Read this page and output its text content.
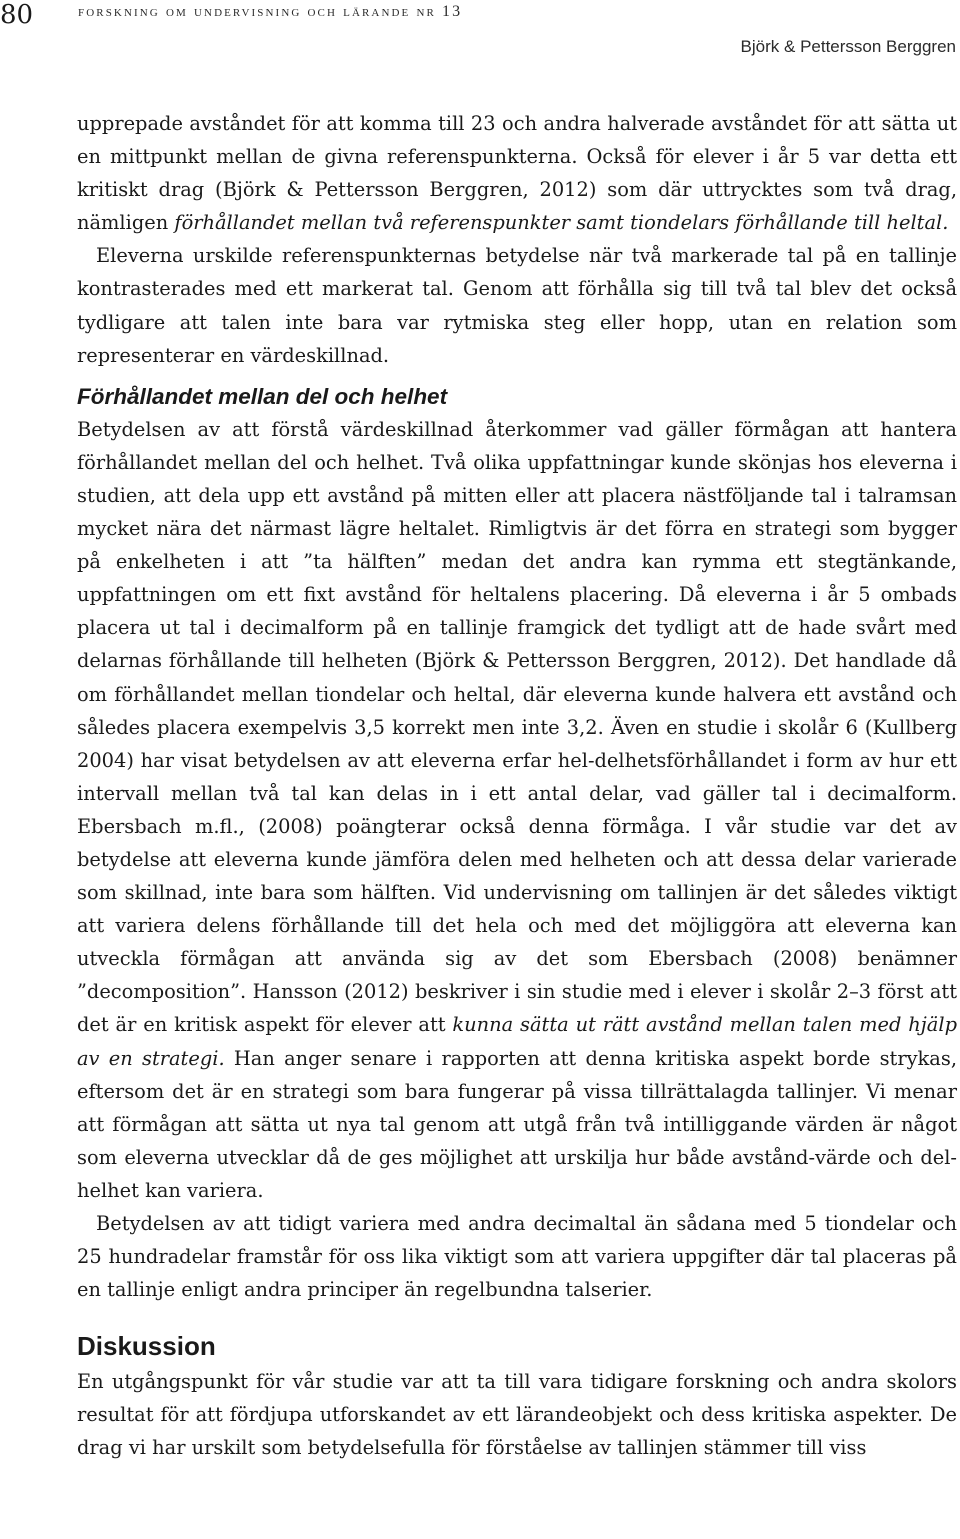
80	forskning om undervisning och lärande nr 13
Björk & Pettersson Berggren

upprepade avståndet för att komma till 23 och andra halverade avståndet för att sätta ut en mittpunkt mellan de givna referenspunkterna. Också för elever i år 5 var detta ett kritiskt drag (Björk & Pettersson Berggren, 2012) som där uttrycktes som två drag, nämligen förhållandet mellan två referenspunkter samt tiondelars förhållande till heltal.

Eleverna urskilde referenspunkternas betydelse när två markerade tal på en tallinje kontrasterades med ett markerat tal. Genom att förhålla sig till två tal blev det också tydligare att talen inte bara var rytmiska steg eller hopp, utan en relation som representerar en värdeskillnad.

Förhållandet mellan del och helhet

Betydelsen av att förstå värdeskillnad återkommer vad gäller förmågan att hantera förhållandet mellan del och helhet. Två olika uppfattningar kunde skönjas hos eleverna i studien, att dela upp ett avstånd på mitten eller att placera nästföljande tal i talramsan mycket nära det närmast lägre heltalet. Rimligtvis är det förra en strategi som bygger på enkelheten i att ”ta hälften” medan det andra kan rymma ett stegtänkande, uppfattningen om ett fixt avstånd för heltalens placering. Då eleverna i år 5 ombads placera ut tal i decimalform på en tallinje framgick det tydligt att de hade svårt med delarnas förhållande till helheten (Björk & Pettersson Berggren, 2012). Det handlade då om förhållandet mellan tiondelar och heltal, där eleverna kunde halvera ett avstånd och således placera exempelvis 3,5 korrekt men inte 3,2. Även en studie i skolår 6 (Kullberg 2004) har visat betydelsen av att eleverna erfar hel-delhetsförhållandet i form av hur ett intervall mellan två tal kan delas in i ett antal delar, vad gäller tal i decimalform. Ebersbach m.fl., (2008) poängterar också denna förmåga. I vår studie var det av betydelse att eleverna kunde jämföra delen med helheten och att dessa delar varierade som skillnad, inte bara som hälften. Vid undervisning om tallinjen är det således viktigt att variera delens förhållande till det hela och med det möjliggöra att eleverna kan utveckla förmågan att använda sig av det som Ebersbach (2008) benämner ”decomposition”. Hansson (2012) beskriver i sin studie med i elever i skolår 2–3 först att det är en kritisk aspekt för elever att kunna sätta ut rätt avstånd mellan talen med hjälp av en strategi. Han anger senare i rapporten att denna kritiska aspekt borde strykas, eftersom det är en strategi som bara fungerar på vissa tillrättalagda tallinjer. Vi menar att förmågan att sätta ut nya tal genom att utgå från två intilliggande värden är något som eleverna utvecklar då de ges möjlighet att urskilja hur både avstånd-värde och del-helhet kan variera.

Betydelsen av att tidigt variera med andra decimaltal än sådana med 5 tiondelar och 25 hundradelar framstår för oss lika viktigt som att variera uppgifter där tal placeras på en tallinje enligt andra principer än regelbundna talserier.

Diskussion

En utgångspunkt för vår studie var att ta till vara tidigare forskning och andra skolors resultat för att fördjupa utforskandet av ett lärandeobjekt och dess kritiska aspekter. De drag vi har urskilt som betydelsefulla för förståelse av tallinjen stämmer till viss
